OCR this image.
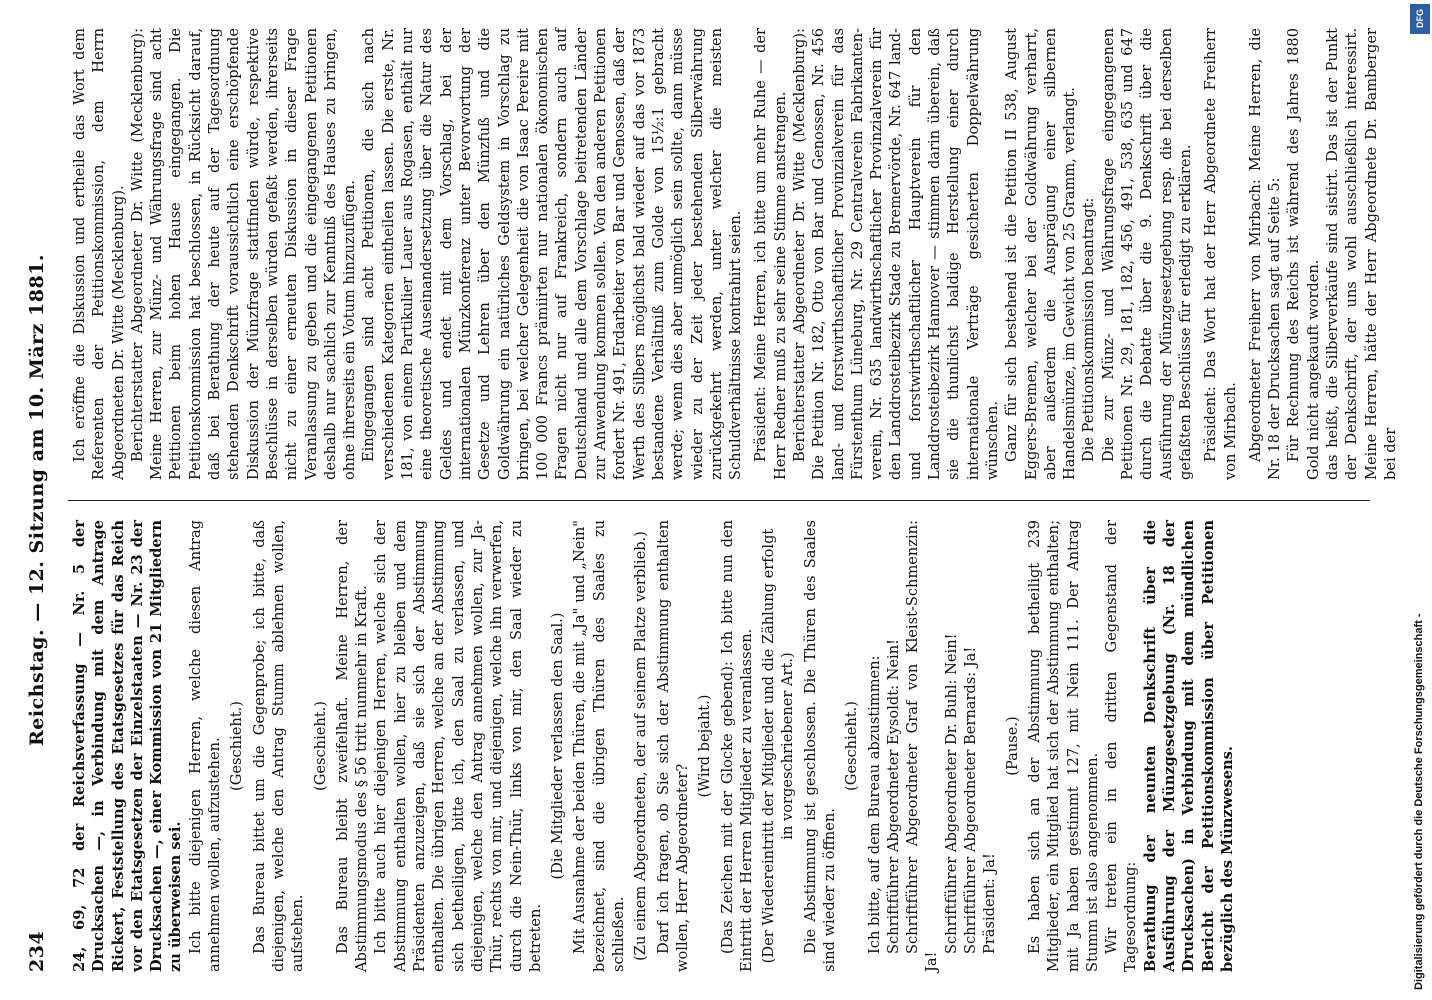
234
Reichstag. — 12. Sitzung am 10. März 1881. 24, 69, 72 der Reichsverfassung — Nr. 5 der Drucksachen —, in Verbindung mit dem Antrage Rickert, Feststellung des Etatsgesetzes für das Reich vor den Etatsgesetzen der Einzelstaaten — Nr. 23 der Drucksachen —, einer Kommission von 21 Mitgliedern zu überweisen sei. Ich bitte diejenigen Herren, welche diesen Antrag annehmen wollen, aufzustehen. (Geschieht.) Das Bureau bittet um die Gegenprobe; ich bitte, daß diejenigen, welche den Antrag Stumm ablehnen wollen, aufstehen.

(Geschieht.) Das Bureau bleibt zweifelhaft. Meine Herren, der Abstimmungsmodus des § 56 tritt nunmehr in Kraft. Ich bitte auch hier diejenigen Herren, welche sich der Abstimmung enthalten wollen, hier zu bleiben und dem Präsidenten anzuzeigen, daß sie sich der Abstimmung enthalten. Die übrigen Herren, welche an der Abstimmung sich betheiligen, bitte ich, den Saal zu verlassen, und diejenigen, welche den Antrag annehmen wollen, zur Ja-Thür, rechts von mir, und diejenigen, welche ihn verwerfen, durch die Nein-Thür, links von mir, den Saal wieder zu betreten.

(Die Mitglieder verlassen den Saal.) Mit Ausnahme der beiden Thüren, die mit „Ja" und „Nein" bezeichnet, sind die übrigen Thüren des Saales zu schließen. (Zu einem Abgeordneten, der auf seinem Platze verblieb.) Darf ich fragen, ob Sie sich der Abstimmung enthalten wollen, Herr Abgeordneter?

(Wird bejaht.) (Das Zeichen mit der Glocke gebend): Ich bitte nun den Eintritt der Herren Mitglieder zu veranlassen. (Der Wiedereintritt der Mitglieder und die Zählung erfolgt in vorgeschriebener Art.) Die Abstimmung ist geschlossen. Die Thüren des Saales sind wieder zu öffnen.

(Geschieht.) Ich bitte, auf dem Bureau abzustimmen: Schriftführer Abgeordneter Eysoldt: Nein! Schriftführer Abgeordneter Graf von Kleist-Schmenzin: Ja!

Schriftführer Abgeordneter Dr. Buhl: Nein! Schriftführer Abgeordneter Bernards: Ja! Präsident: Ja!

(Pause.) Es haben sich an der Abstimmung betheiligt 239 Mitglieder, ein Mitglied hat sich der Abstimmung enthalten; mit Ja haben gestimmt 127, mit Nein 111. Der Antrag Stumm ist also angenommen. Wir treten ein in den dritten Gegenstand der Tagesordnung: Berathung der neunten Denkschrift über die Ausführung der Münzgesetzgebung (Nr. 18 der Drucksachen) in Verbindung mit dem mündlichen Bericht der Petitionskommission über Petitionen bezüglich des Münzwesens.

Ich eröffne die Diskussion und ertheile das Wort dem Referenten der Petitionskommission, dem Herrn Abgeordneten Dr. Witte (Mecklenburg). Berichterstatter Abgeordneter Dr. Witte (Mecklenburg): Meine Herren, zur Münz- und Währungsfrage sind acht Petitionen beim hohen Hause eingegangen. Die Petitionskommission hat beschlossen, in Rücksicht darauf, daß bei Berathung der heute auf der Tagesordnung stehenden Denkschrift voraussichtlich eine erschöpfende Diskussion der Münzfrage stattfinden würde, respektive Beschlüsse in derselben würden gefaßt werden, ihrerseits nicht zu einer erneuten Diskussion in dieser Frage Veranlassung zu geben und die eingegangenen Petitionen deshalb nur sachlich zur Kenntniß des Hauses zu bringen, ohne ihrerseits ein Votum hinzuzufügen. Eingegangen sind acht Petitionen, die sich nach verschiedenen Kategorien eintheilen lassen. Die erste, Nr. 181, von einem Partikulier Lauer aus Rogasen, enthält nur eine theoretische Auseinandersetzung über die Natur des Geldes und endet mit dem Vorschlag, bei der internationalen Münzkonferenz unter Bevorwortung der Gesetze und Lehren über den Münzfuß und die Goldwährung ein natürliches Geldsystem in Vorschlag zu bringen, bei welcher Gelegenheit die von Isaac Pereire mit 100 000 Francs prämiirten nur nationalen ökonomischen Fragen nicht nur auf Frankreich, sondern auch auf Deutschland und alle dem Vorschlage beitretenden Länder zur Anwendung kommen sollen. Von den anderen Petitionen fordert Nr. 491, Erdarbeiter von Bar und Genossen, daß der Werth des Silbers möglichst bald wieder auf das vor 1873 bestandene Verhältniß zum Golde von 15½:1 gebracht werde; wenn dies aber unmöglich sein sollte, dann müsse wieder zu der Zeit jeder bestehenden Silberwährung zurückgekehrt werden, unter welcher die meisten Schuldverhältnisse kontrahirt seien. Präsident: Meine Herren, ich bitte um mehr Ruhe — der Herr Redner muß zu sehr seine Stimme anstrengen. Berichterstatter Abgeordneter Dr. Witte (Mecklenburg): Die Petition Nr. 182, Otto von Bar und Genossen, Nr. 456 land- und forstwirthschaftlicher Provinzialverein für das Fürstenthum Lüneburg, Nr. 29 Centralverein Fabrikanten-verein, Nr. 635 landwirthschaftlicher Provinzialverein für den Landdrosteibezirk Stade zu Bremervörde, Nr. 647 land- und forstwirthschaftlicher Hauptverein für den Landdrosteibezirk Hannover — stimmen darin überein, daß sie die thunlichst baldige Herstellung einer durch internationale Verträge gesicherten Doppelwährung wünschen. Ganz für sich bestehend ist die Petition II 538, August Eggers-Bremen, welcher bei der Goldwährung verharrt, aber außerdem die Ausprägung einer silbernen Handelsmünze, im Gewicht von 25 Gramm, verlangt. Die Petitionskommission beantragt: Die zur Münz- und Währungsfrage eingegangenen Petitionen Nr. 29, 181, 182, 456, 491, 538, 635 und 647 durch die Debatte über die 9. Denkschrift über die Ausführung der Münzgesetzgebung resp. die bei derselben gefaßten Beschlüsse für erledigt zu erklären. Präsident: Das Wort hat der Herr Abgeordnete Freiherr von Mirbach. Abgeordneter Freiherr von Mirbach: Meine Herren, die Nr. 18 der Drucksachen sagt auf Seite 5: Für Rechnung des Reichs ist während des Jahres 1880 Gold nicht angekauft worden. das heißt, die Silberverkäufe sind sistirt. Das ist der Punkt der Denkschrift, der uns wohl ausschließlich interessirt. Meine Herren, hätte der Herr Abgeordnete Dr. Bamberger bei der

Digitalisierung gefördert durch die Deutsche Forschungsgemeinschaft -
DFG
